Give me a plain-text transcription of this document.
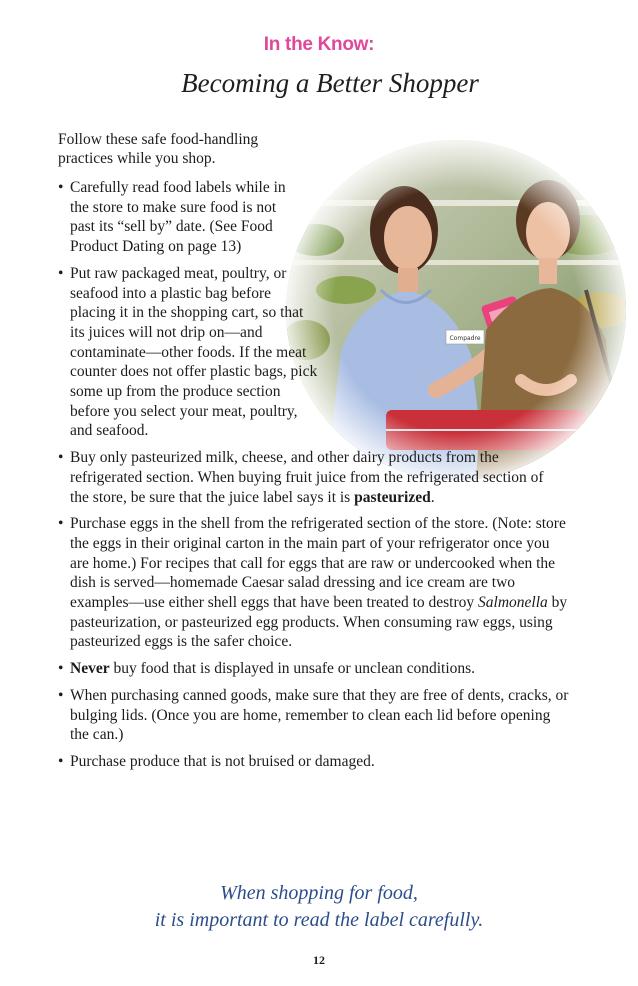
In the Know:
Becoming a Better Shopper
Follow these safe food-handling practices while you shop.
• Carefully read food labels while in the store to make sure food is not past its “sell by” date. (See Food Product Dating on page 13)
• Put raw packaged meat, poultry, or seafood into a plastic bag before placing it in the shopping cart, so that its juices will not drip on—and contaminate—other foods. If the meat counter does not offer plastic bags, pick some up from the produce section before you select your meat, poultry, and seafood.
• Buy only pasteurized milk, cheese, and other dairy products from the refrigerated section. When buying fruit juice from the refrigerated section of the store, be sure that the juice label says it is pasteurized.
• Purchase eggs in the shell from the refrigerated section of the store. (Note: store the eggs in their original carton in the main part of your refrigerator once you are home.) For recipes that call for eggs that are raw or undercooked when the dish is served—homemade Caesar salad dressing and ice cream are two examples—use either shell eggs that have been treated to destroy Salmonella by pasteurization, or pasteurized egg products. When consuming raw eggs, using pasteurized eggs is the safer choice.
• Never buy food that is displayed in unsafe or unclean conditions.
• When purchasing canned goods, make sure that they are free of dents, cracks, or bulging lids. (Once you are home, remember to clean each lid before opening the can.)
• Purchase produce that is not bruised or damaged.
When shopping for food,
it is important to read the label carefully.
12
